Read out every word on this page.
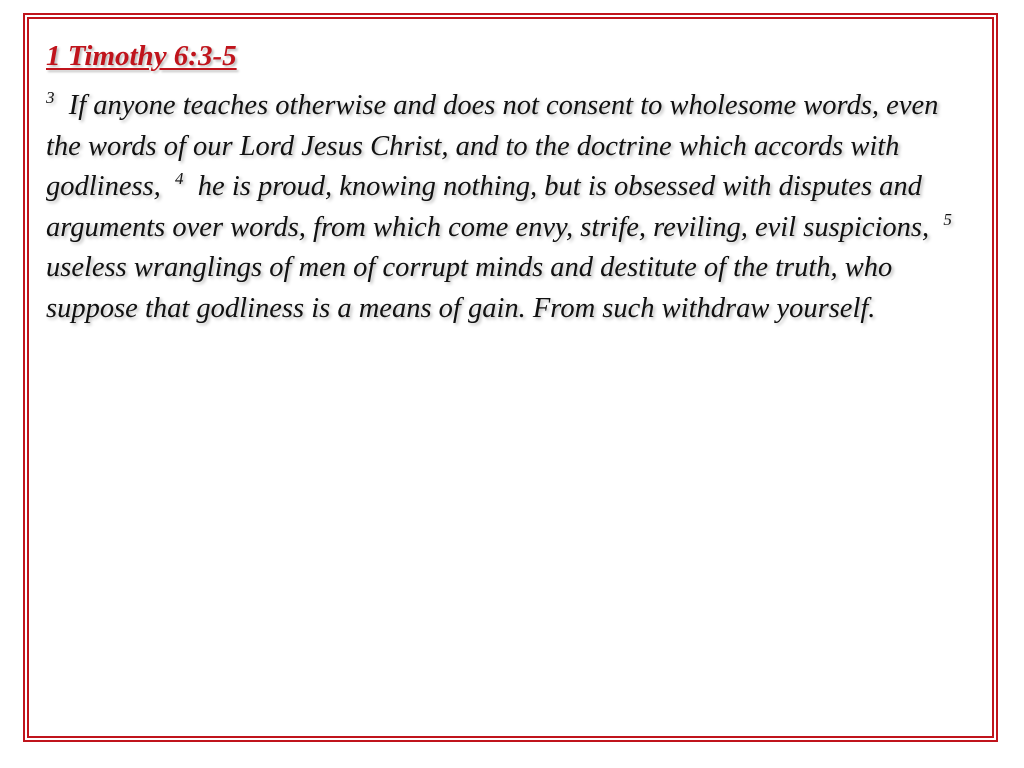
1 Timothy 6:3-5

$^3$ If anyone teaches otherwise and does not consent to wholesome words, even the words of our Lord Jesus Christ, and to the doctrine which accords with godliness, $^4$ he is proud, knowing nothing, but is obsessed with disputes and arguments over words, from which come envy, strife, reviling, evil suspicions, $^5$  useless wranglings of men of corrupt minds and destitute of the truth, who suppose that godliness is a means of gain. From such withdraw yourself.
